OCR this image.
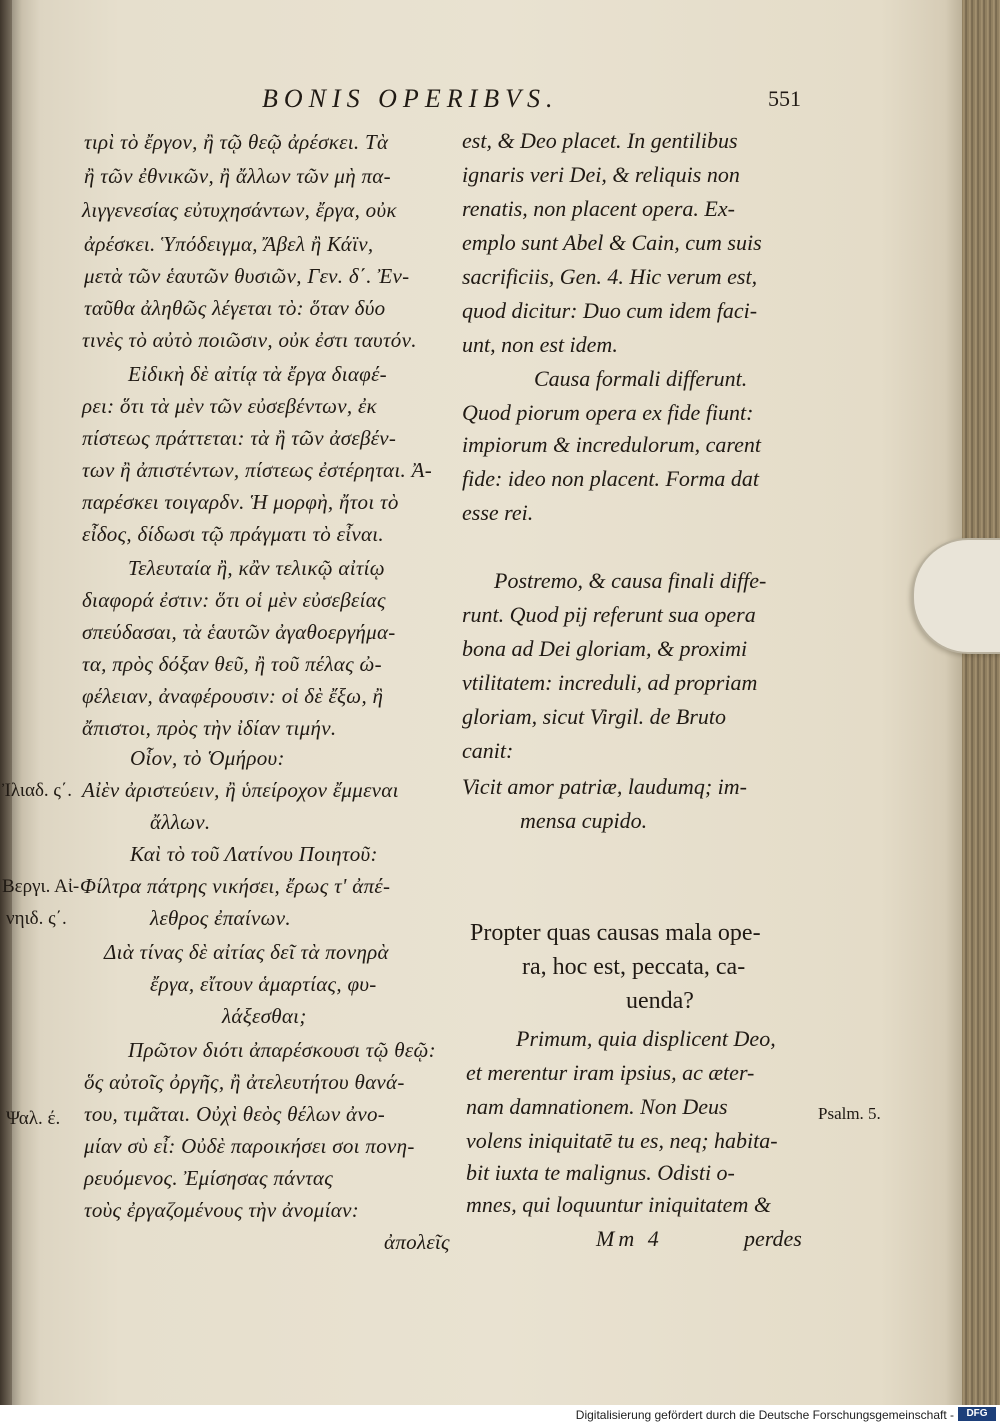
BONIS OPERIBVS.	551
τιρὶ τὸ ἔργον, ἢ τῷ θεῷ ἀρέσκει. Τὰ
ἢ τῶν ἐθνικῶν, ἢ ἄλλων τῶν μὴ πα-
λιγγενεσίας εὐτυχησάντων, ἔργα, οὐκ
ἀρέσκει. Ὑπόδειγμα, Ἄβελ ἢ Κάϊν,
μετὰ τῶν ἑαυτῶν θυσιῶν, Γεν. δ΄. Ἐν-
ταῦθα ἀληθῶς λέγεται τὸ: ὅταν δύο
τινὲς τὸ αὐτὸ ποιῶσιν, οὐκ ἐστι ταυτόν.
Εἰδικὴ δὲ αἰτίᾳ τὰ ἔργα διαφέ-
ρει: ὅτι τὰ μὲν τῶν εὐσεβέντων, ἐκ
πίστεως πράττεται: τὰ ἢ τῶν ἀσεβέν-
των ἢ ἀπιστέντων, πίστεως ἐστέρηται. Ἀ-
παρέσκει τοιγαρδν. Ἡ μορφὴ, ἤτοι τὸ
εἶδος, δίδωσι τῷ πράγματι τὸ εἶναι.
Τελευταία ἢ, κἂν τελικῷ αἰτίῳ
διαφορά ἐστιν: ὅτι οἱ μὲν εὐσεβείας
σπεύδασαι, τὰ ἑαυτῶν ἀγαθοεργήμα-
τα, πρὸς δόξαν θεῦ, ἢ τοῦ πέλας ὠ-
φέλειαν, ἀναφέρουσιν: οἱ δὲ ἔξω, ἢ
ἄπιστοι, πρὸς τὴν ἰδίαν τιμήν.
Οἷον, τὸ Ὁμήρου:
Αἰὲν ἀριστεύειν, ἢ ὑπείροχον ἔμμεναι
ἄλλων.
Καὶ τὸ τοῦ Λατίνου Ποιητοῦ:
Φίλτρα πάτρης νικήσει, ἔρως τ' ἀπέ-
λεθρος ἐπαίνων.
Διὰ τίνας δὲ αἰτίας δεῖ τὰ πονηρὰ
ἔργα, εἴτουν ἁμαρτίας, φυ-
λάξεσθαι;
Πρῶτον διότι ἀπαρέσκουσι τῷ θεῷ:
ὅς αὐτοῖς ὀργῆς, ἢ ἀτελευτήτου θανά-
του, τιμᾶται. Οὐχὶ θεὸς θέλων ἀνο-
μίαν σὺ εἶ: Οὐδὲ παροικήσει σοι πονη-
ρευόμενος. Ἐμίσησας πάντας
τοὺς ἐργαζομένους τὴν ἀνομίαν:
ἀπολεῖς
Ἰλιαδ. ς΄.
Βεργι. Αἰ-
νηιδ. ς΄.
Ψαλ. έ.
est, & Deo placet. In gentilibus
ignaris veri Dei, & reliquis non
renatis, non placent opera. Ex-
emplo sunt Abel & Cain, cum suis
sacrificiis, Gen. 4. Hic verum est,
quod dicitur: Duo cum idem faci-
unt, non est idem.
Causa formali differunt.
Quod piorum opera ex fide fiunt:
impiorum & incredulorum, carent
fide: ideo non placent. Forma dat
esse rei.
Postremo, & causa finali diffe-
runt. Quod pij referunt sua opera
bona ad Dei gloriam, & proximi
vtilitatem: increduli, ad propriam
gloriam, sicut Virgil. de Bruto
canit:
Vicit amor patriæ, laudumq; im-
mensa cupido.
Propter quas causas mala ope-
ra, hoc est, peccata, ca-
uenda?
Primum, quia displicent Deo,
et merentur iram ipsius, ac æter-
nam damnationem. Non Deus
volens iniquitatē tu es, neq; habita-
bit iuxta te malignus. Odisti o-
mnes, qui loquuntur iniquitatem &
Mm 4	perdes
Psalm. 5.
Digitalisierung gefördert durch die Deutsche Forschungsgemeinschaft -	DFG
